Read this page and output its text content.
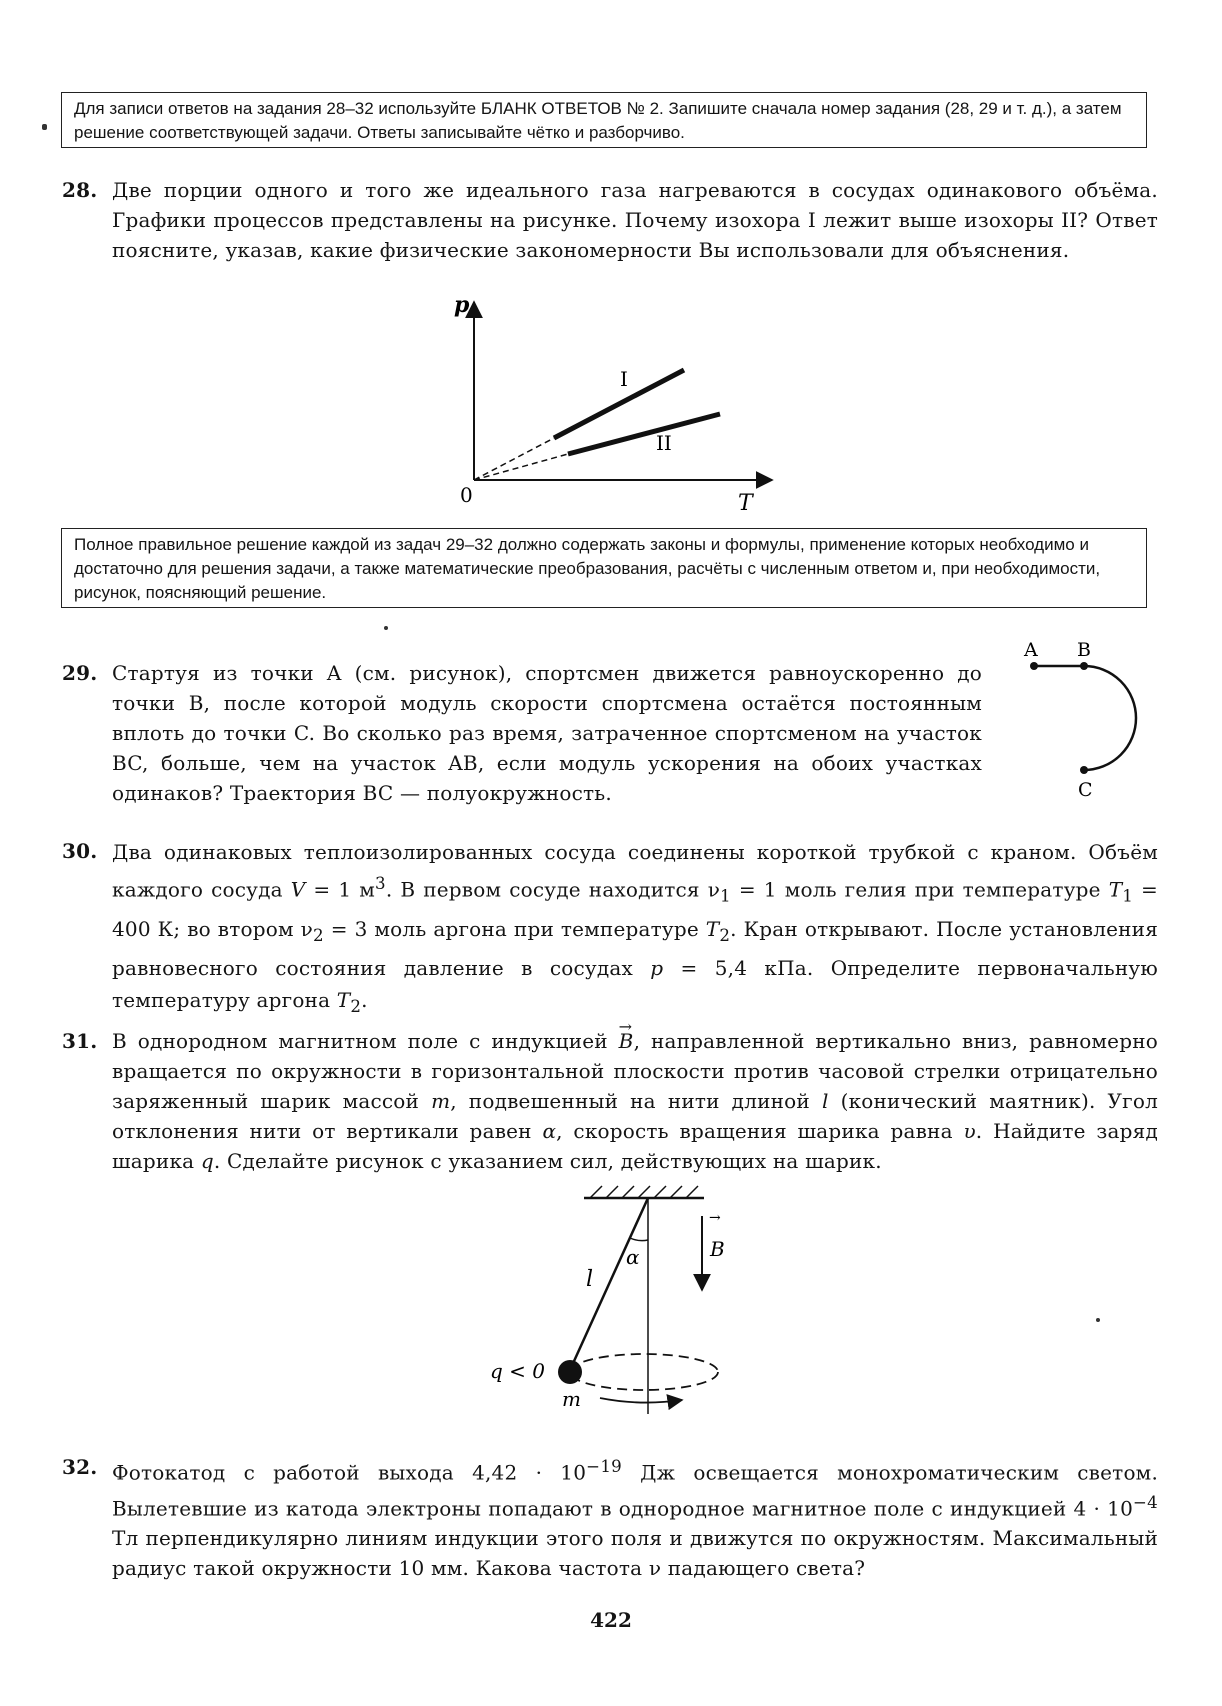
Для записи ответов на задания 28–32 используйте БЛАНК ОТВЕТОВ № 2. Запишите сначала номер задания (28, 29 и т. д.), а затем решение соответствующей задачи. Ответы записывайте чётко и разборчиво.
28. Две порции одного и того же идеального газа нагреваются в сосудах одинакового объёма. Графики процессов представлены на рисунке. Почему изохора I лежит выше изохоры II? Ответ поясните, указав, какие физические закономерности Вы использовали для объяснения.
p
T
0
I
II
Полное правильное решение каждой из задач 29–32 должно содержать законы и формулы, применение которых необходимо и достаточно для решения задачи, а также математические преобразования, расчёты с численным ответом и, при необходимости, рисунок, поясняющий решение.
29. Стартуя из точки A (см. рисунок), спортсмен движется равноускоренно до точки B, после которой модуль скорости спортсмена остаётся постоянным вплоть до точки C. Во сколько раз время, затраченное спортсменом на участок BC, больше, чем на участок AB, если модуль ускорения на обоих участках одинаков? Траектория BC — полуокружность.
A B
C
30. Два одинаковых теплоизолированных сосуда соединены короткой трубкой с краном. Объём каждого сосуда V = 1 $м^3$. В первом сосуде находится $\nu_1 = 1$ моль гелия при температуре $T_1 = 400$ К; во втором $\nu_2 = 3$ моль аргона при температуре $T_2$. Кран открывают. После установления равновесного состояния давление в сосудах p = 5,4 кПа. Определите первоначальную температуру аргона $T_2$.
31. В однородном магнитном поле с индукцией → B, направленной вертикально вниз, равномерно вращается по окружности в горизонтальной плоскости против часовой стрелки отрицательно заряженный шарик массой m, подвешенный на нити длиной l (конический маятник). Угол отклонения нити от вертикали равен α, скорость вращения шарика равна υ. Найдите заряд шарика q. Сделайте рисунок с указанием сил, действующих на шарик.
→
B
α
l
q < 0
m
32. Фотокатод с работой выхода $4,42 \cdot 10^{-19}$ Дж освещается монохроматическим светом. Вылетевшие из катода электроны попадают в однородное магнитное поле с индукцией $4 \cdot 10^{-4}$ Тл перпендикулярно линиям индукции этого поля и движутся по окружностям. Максимальный радиус такой окружности 10 мм. Какова частота ν падающего света?
422
